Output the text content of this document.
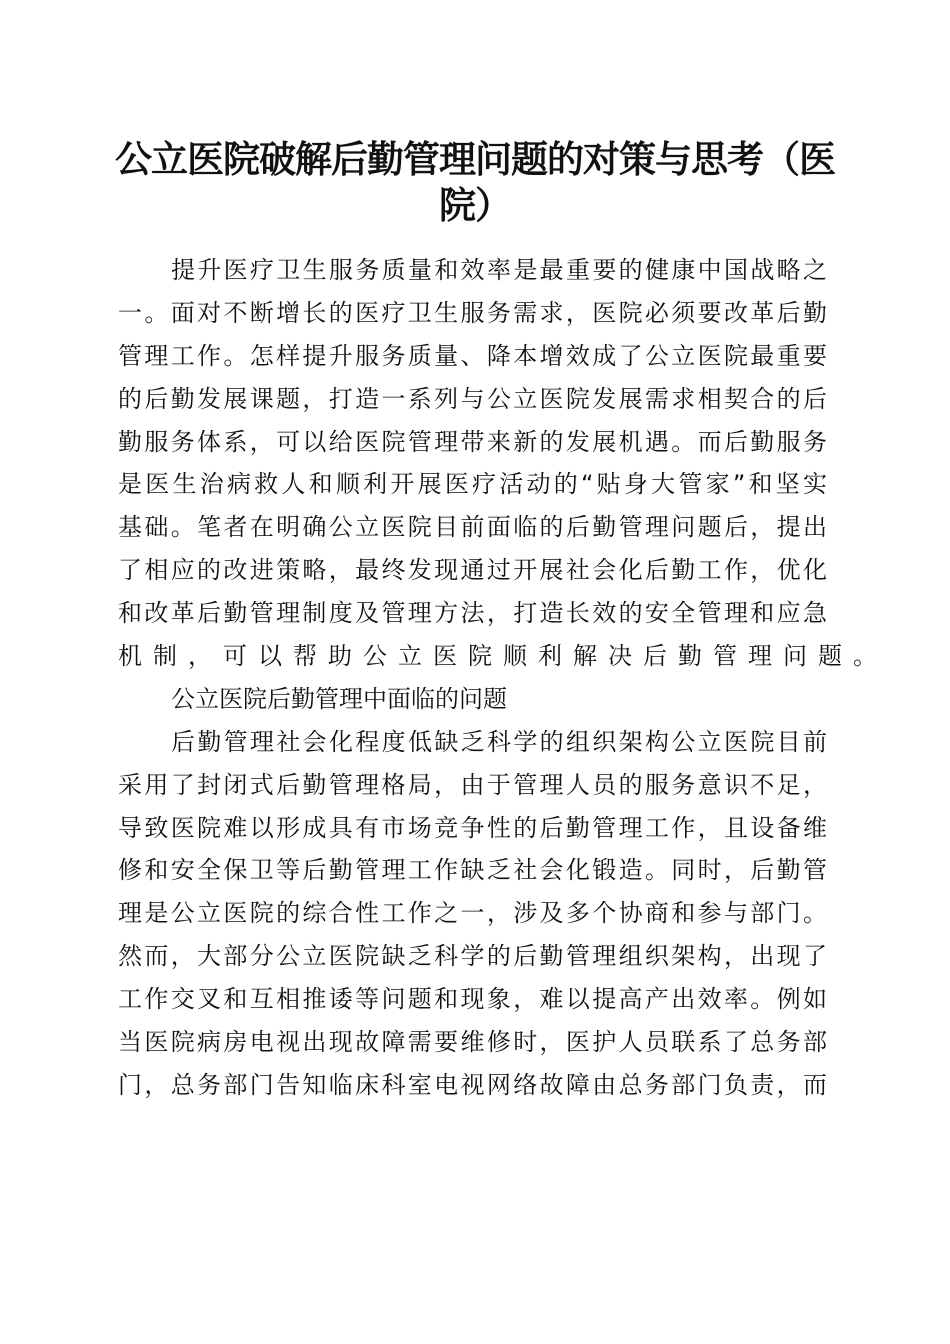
公立医院破解后勤管理问题的对策与思考（医
院）
提升医疗卫生服务质量和效率是最重要的健康中国战略之
一。面对不断增长的医疗卫生服务需求，医院必须要改革后勤
管理工作。怎样提升服务质量、降本增效成了公立医院最重要
的后勤发展课题，打造一系列与公立医院发展需求相契合的后
勤服务体系，可以给医院管理带来新的发展机遇。而后勤服务
是医生治病救人和顺利开展医疗活动的“贴身大管家”和坚实
基础。笔者在明确公立医院目前面临的后勤管理问题后，提出
了相应的改进策略，最终发现通过开展社会化后勤工作，优化
和改革后勤管理制度及管理方法，打造长效的安全管理和应急
机制，可以帮助公立医院顺利解决后勤管理问题。
公立医院后勤管理中面临的问题
后勤管理社会化程度低缺乏科学的组织架构公立医院目前
采用了封闭式后勤管理格局，由于管理人员的服务意识不足，
导致医院难以形成具有市场竞争性的后勤管理工作，且设备维
修和安全保卫等后勤管理工作缺乏社会化锻造。同时，后勤管
理是公立医院的综合性工作之一，涉及多个协商和参与部门。
然而，大部分公立医院缺乏科学的后勤管理组织架构，出现了
工作交叉和互相推诿等问题和现象，难以提高产出效率。例如
当医院病房电视出现故障需要维修时，医护人员联系了总务部
门，总务部门告知临床科室电视网络故障由总务部门负责，而
